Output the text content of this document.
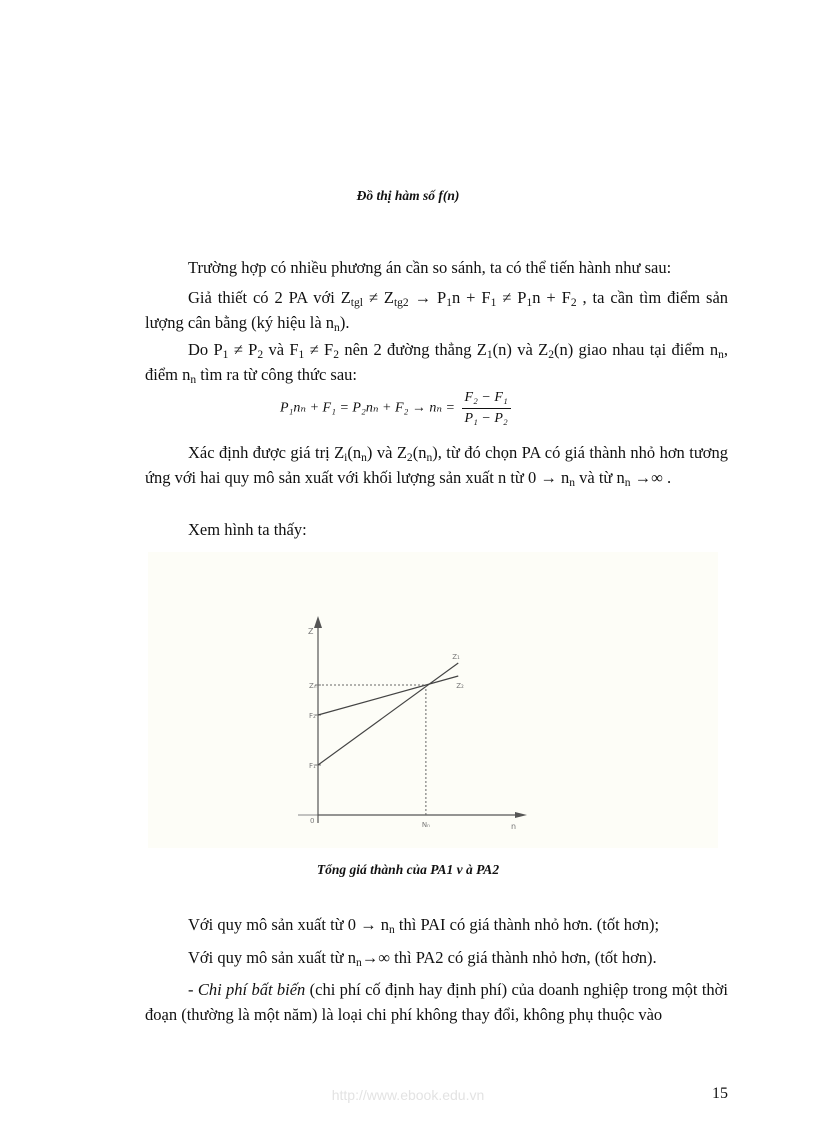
Đồ thị hàm số f(n)
Trường hợp có nhiều phương án cần so sánh, ta có thể tiến hành như sau:
Giả thiết có 2 PA với $Z_{tgl} \ne Z_{tg2} \to P_1n + F_1 \ne P_1n + F_2$ , ta cần tìm điểm sản lượng cân bằng (ký hiệu là $n_n$).
Do $P_1 \ne P_2$ và $F_1 \ne F_2$ nên 2 đường thẳng $Z_1(n)$ và $Z_2(n)$ giao nhau tại điểm $n_n$, điểm $n_n$ tìm ra từ công thức sau:
$P_1n_n + F_1 = P_2n_n + F_2 \to n_n = \frac{\text{F₂ − F₁}}{\text{P₁ − P₂}}$
Xác định được giá trị $Z_i(n_n)$ và $Z_2(n_n)$, từ đó chọn PA có giá thành nhỏ hơn tương ứng với hai quy mô sản xuất với khối lượng sản xuất n từ $0 \to n_n$ và từ $n_n$ →∞ .
Xem hình ta thấy:
Z₁
Z₂
Z
n
0	Nₙ
Zₙ
F₂
F₁
Tổng giá thành của PA1 v à PA2
Với quy mô sản xuất từ $0 \to n_n$ thì PAI có giá thành nhỏ hơn. (tốt hơn);
Với quy mô sản xuất từ $n_n\to\infty$ thì PA2 có giá thành nhỏ hơn, (tốt hơn).
- Chi phí bất biến (chi phí cố định hay định phí) của doanh nghiệp trong một thời đoạn (thường là một năm) là loại chi phí không thay đổi, không phụ thuộc vào
http://www.ebook.edu.vn	15
